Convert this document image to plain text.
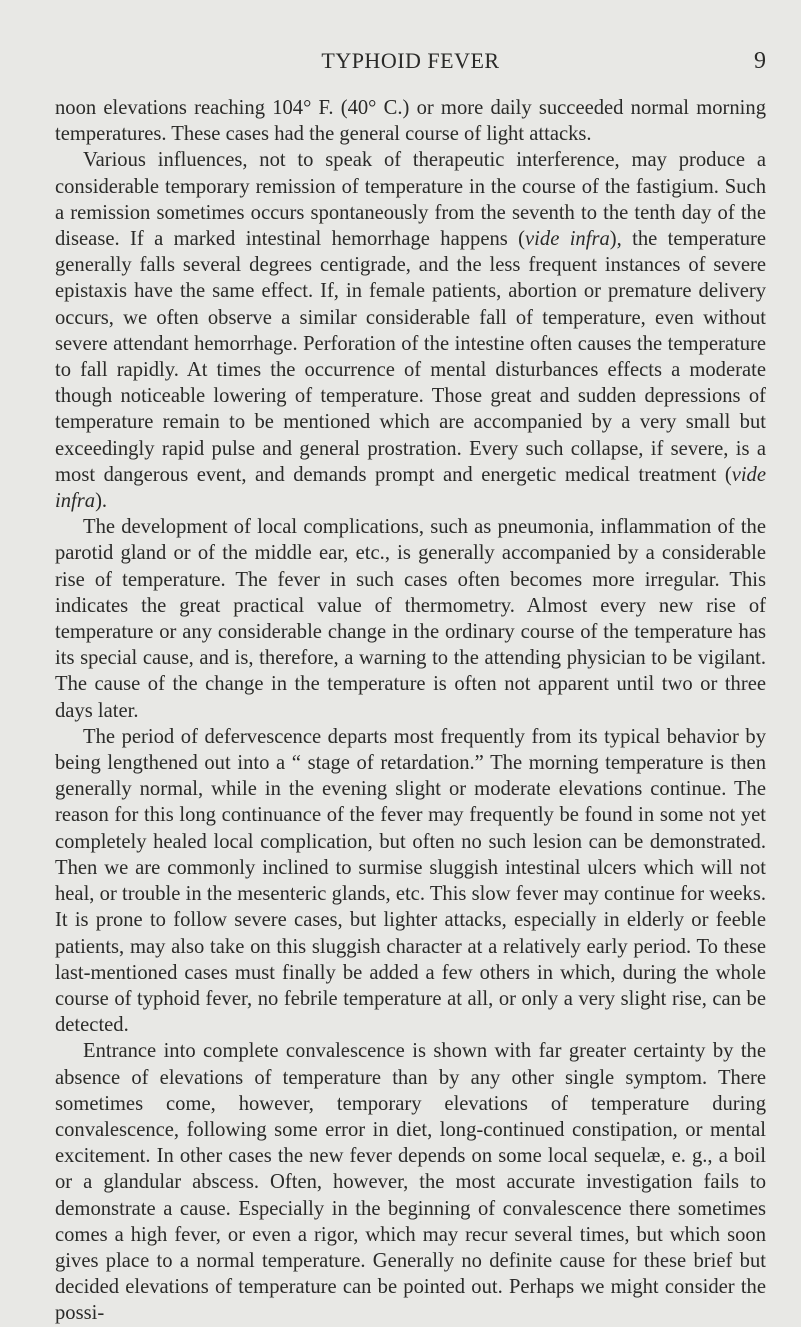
TYPHOID FEVER	9

noon elevations reaching 104° F. (40° C.) or more daily succeeded normal morning temperatures. These cases had the general course of light attacks.

Various influences, not to speak of therapeutic interference, may produce a considerable temporary remission of temperature in the course of the fastigium. Such a remission sometimes occurs spontaneously from the seventh to the tenth day of the disease. If a marked intestinal hemorrhage happens (vide infra), the temperature generally falls several degrees centigrade, and the less frequent instances of severe epistaxis have the same effect. If, in female patients, abortion or premature delivery occurs, we often observe a similar considerable fall of temperature, even without severe attendant hemorrhage. Perforation of the intestine often causes the temperature to fall rapidly. At times the occurrence of mental disturbances effects a moderate though noticeable lowering of temperature. Those great and sudden depressions of temperature remain to be mentioned which are accompanied by a very small but exceedingly rapid pulse and general prostration. Every such collapse, if severe, is a most dangerous event, and demands prompt and energetic medical treatment (vide infra).

The development of local complications, such as pneumonia, inflammation of the parotid gland or of the middle ear, etc., is generally accompanied by a considerable rise of temperature. The fever in such cases often becomes more irregular. This indicates the great practical value of thermometry. Almost every new rise of temperature or any considerable change in the ordinary course of the temperature has its special cause, and is, therefore, a warning to the attending physician to be vigilant. The cause of the change in the temperature is often not apparent until two or three days later.

The period of defervescence departs most frequently from its typical behavior by being lengthened out into a “ stage of retardation.” The morning temperature is then generally normal, while in the evening slight or moderate elevations continue. The reason for this long continuance of the fever may frequently be found in some not yet completely healed local complication, but often no such lesion can be demonstrated. Then we are commonly inclined to surmise sluggish intestinal ulcers which will not heal, or trouble in the mesenteric glands, etc. This slow fever may continue for weeks. It is prone to follow severe cases, but lighter attacks, especially in elderly or feeble patients, may also take on this sluggish character at a relatively early period. To these last-mentioned cases must finally be added a few others in which, during the whole course of typhoid fever, no febrile temperature at all, or only a very slight rise, can be detected.

Entrance into complete convalescence is shown with far greater certainty by the absence of elevations of temperature than by any other single symptom. There sometimes come, however, temporary elevations of temperature during convalescence, following some error in diet, long-continued constipation, or mental excitement. In other cases the new fever depends on some local sequelæ, e. g., a boil or a glandular abscess. Often, however, the most accurate investigation fails to demonstrate a cause. Especially in the beginning of convalescence there sometimes comes a high fever, or even a rigor, which may recur several times, but which soon gives place to a normal temperature. Generally no definite cause for these brief but decided elevations of temperature can be pointed out. Perhaps we might consider the possi-
